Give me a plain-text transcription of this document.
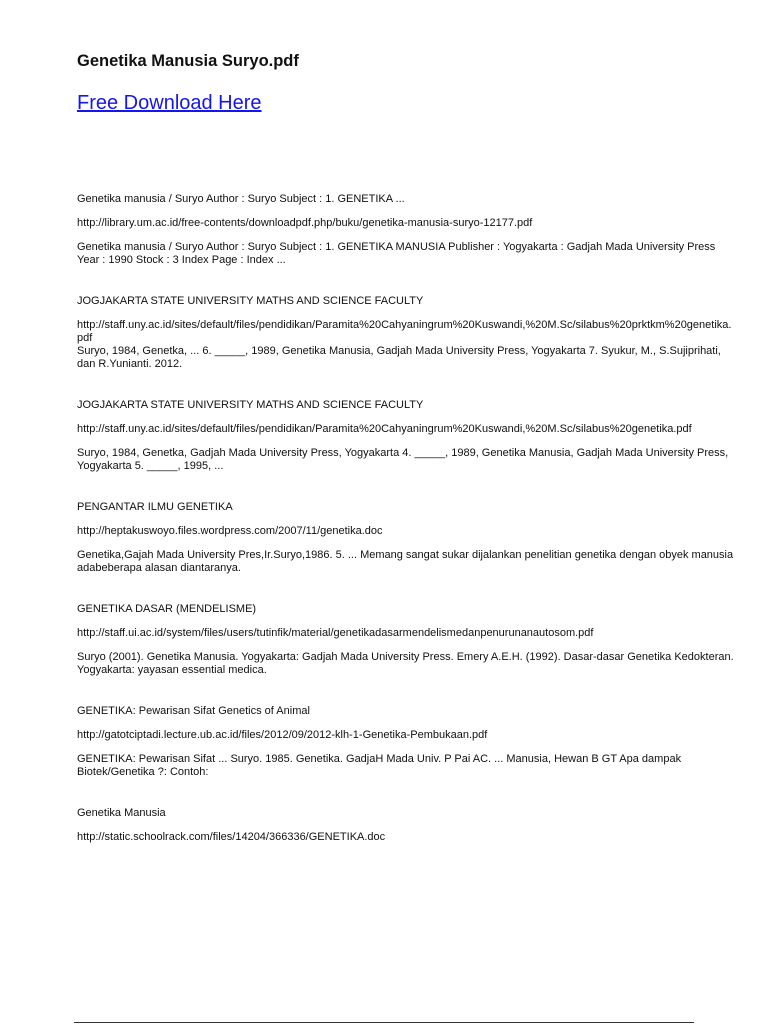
Genetika Manusia Suryo.pdf
Free Download Here

Genetika manusia / Suryo Author : Suryo Subject : 1. GENETIKA ...

http://library.um.ac.id/free-contents/downloadpdf.php/buku/genetika-manusia-suryo-12177.pdf

Genetika manusia / Suryo Author : Suryo Subject : 1. GENETIKA MANUSIA Publisher : Yogyakarta : Gadjah Mada University Press Year : 1990 Stock : 3 Index Page : Index ...

JOGJAKARTA STATE UNIVERSITY MATHS AND SCIENCE FACULTY

http://staff.uny.ac.id/sites/default/files/pendidikan/Paramita%20Cahyaningrum%20Kuswandi,%20M.Sc/silabus%20prktkm%20genetika.pdf

Suryo, 1984, Genetka, ... 6. _____, 1989, Genetika Manusia, Gadjah Mada University Press, Yogyakarta 7. Syukur, M., S.Sujiprihati, dan R.Yunianti. 2012.

JOGJAKARTA STATE UNIVERSITY MATHS AND SCIENCE FACULTY

http://staff.uny.ac.id/sites/default/files/pendidikan/Paramita%20Cahyaningrum%20Kuswandi,%20M.Sc/silabus%20genetika.pdf

Suryo, 1984, Genetka, Gadjah Mada University Press, Yogyakarta 4. _____, 1989, Genetika Manusia, Gadjah Mada University Press, Yogyakarta 5. _____, 1995, ...

PENGANTAR ILMU GENETIKA

http://heptakuswoyo.files.wordpress.com/2007/11/genetika.doc

Genetika,Gajah Mada University Pres,Ir.Suryo,1986. 5. ... Memang sangat sukar dijalankan penelitian genetika dengan obyek manusia adabeberapa alasan diantaranya.

GENETIKA DASAR (MENDELISME)

http://staff.ui.ac.id/system/files/users/tutinfik/material/genetikadasarmendelismedanpenurunanautosom.pdf

Suryo (2001). Genetika Manusia. Yogyakarta: Gadjah Mada University Press. Emery A.E.H. (1992). Dasar-dasar Genetika Kedokteran. Yogyakarta: yayasan essential medica.

GENETIKA: Pewarisan Sifat Genetics of Animal

http://gatotciptadi.lecture.ub.ac.id/files/2012/09/2012-klh-1-Genetika-Pembukaan.pdf

GENETIKA: Pewarisan Sifat ... Suryo. 1985. Genetika. GadjaH Mada Univ. P Pai AC. ... Manusia, Hewan B GT Apa dampak Biotek/Genetika ?: Contoh:

Genetika Manusia

http://static.schoolrack.com/files/14204/366336/GENETIKA.doc
